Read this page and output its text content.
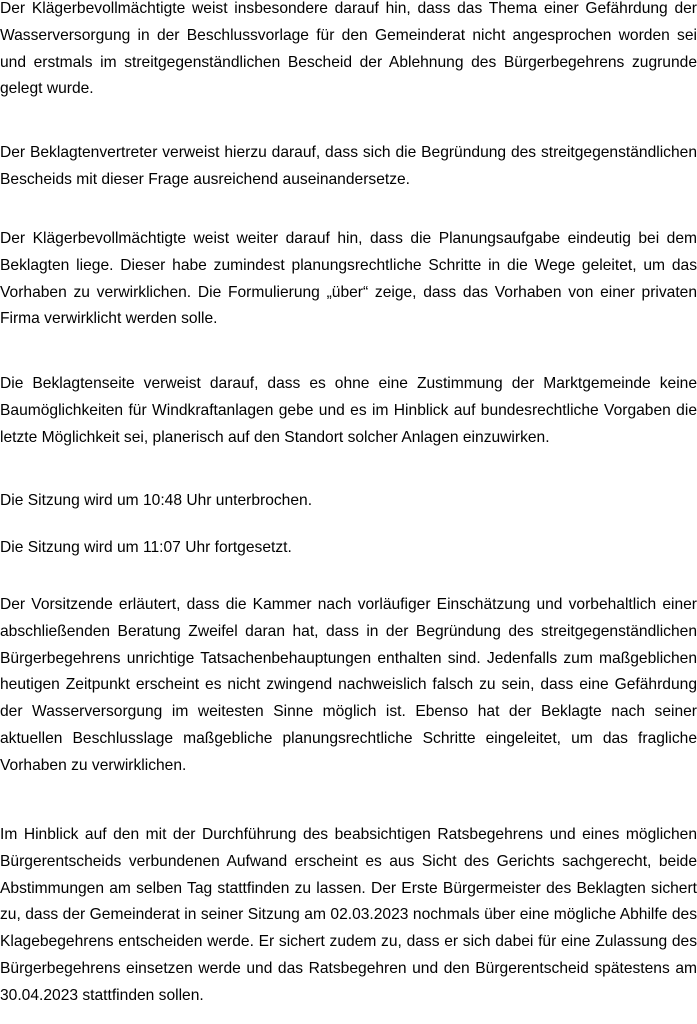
Der Klägerbevollmächtigte weist insbesondere darauf hin, dass das Thema einer Gefährdung der Wasserversorgung in der Beschlussvorlage für den Gemeinderat nicht angesprochen worden sei und erstmals im streitgegenständlichen Bescheid der Ablehnung des Bürgerbegehrens zugrunde gelegt wurde.

Der Beklagtenvertreter verweist hierzu darauf, dass sich die Begründung des streitgegenständlichen Bescheids mit dieser Frage ausreichend auseinandersetze.

Der Klägerbevollmächtigte weist weiter darauf hin, dass die Planungsaufgabe eindeutig bei dem Beklagten liege. Dieser habe zumindest planungsrechtliche Schritte in die Wege geleitet, um das Vorhaben zu verwirklichen. Die Formulierung „über“ zeige, dass das Vorhaben von einer privaten Firma verwirklicht werden solle.

Die Beklagtenseite verweist darauf, dass es ohne eine Zustimmung der Marktgemeinde keine Baumöglichkeiten für Windkraftanlagen gebe und es im Hinblick auf bundesrechtliche Vorgaben die letzte Möglichkeit sei, planerisch auf den Standort solcher Anlagen einzuwirken.

Die Sitzung wird um 10:48 Uhr unterbrochen.

Die Sitzung wird um 11:07 Uhr fortgesetzt.

Der Vorsitzende erläutert, dass die Kammer nach vorläufiger Einschätzung und vorbehaltlich einer abschließenden Beratung Zweifel daran hat, dass in der Begründung des streitgegenständlichen Bürgerbegehrens unrichtige Tatsachenbehauptungen enthalten sind. Jedenfalls zum maßgeblichen heutigen Zeitpunkt erscheint es nicht zwingend nachweislich falsch zu sein, dass eine Gefährdung der Wasserversorgung im weitesten Sinne möglich ist. Ebenso hat der Beklagte nach seiner aktuellen Beschlusslage maßgebliche planungsrechtliche Schritte eingeleitet, um das fragliche Vorhaben zu verwirklichen.

Im Hinblick auf den mit der Durchführung des beabsichtigen Ratsbegehrens und eines möglichen Bürgerentscheids verbundenen Aufwand erscheint es aus Sicht des Gerichts sachgerecht, beide Abstimmungen am selben Tag stattfinden zu lassen. Der Erste Bürgermeister des Beklagten sichert zu, dass der Gemeinderat in seiner Sitzung am 02.03.2023 nochmals über eine mögliche Abhilfe des Klagebegehrens entscheiden werde. Er sichert zudem zu, dass er sich dabei für eine Zulassung des Bürgerbegehrens einsetzen werde und das Ratsbegehren und den Bürgerentscheid spätestens am 30.04.2023 stattfinden sollen.
